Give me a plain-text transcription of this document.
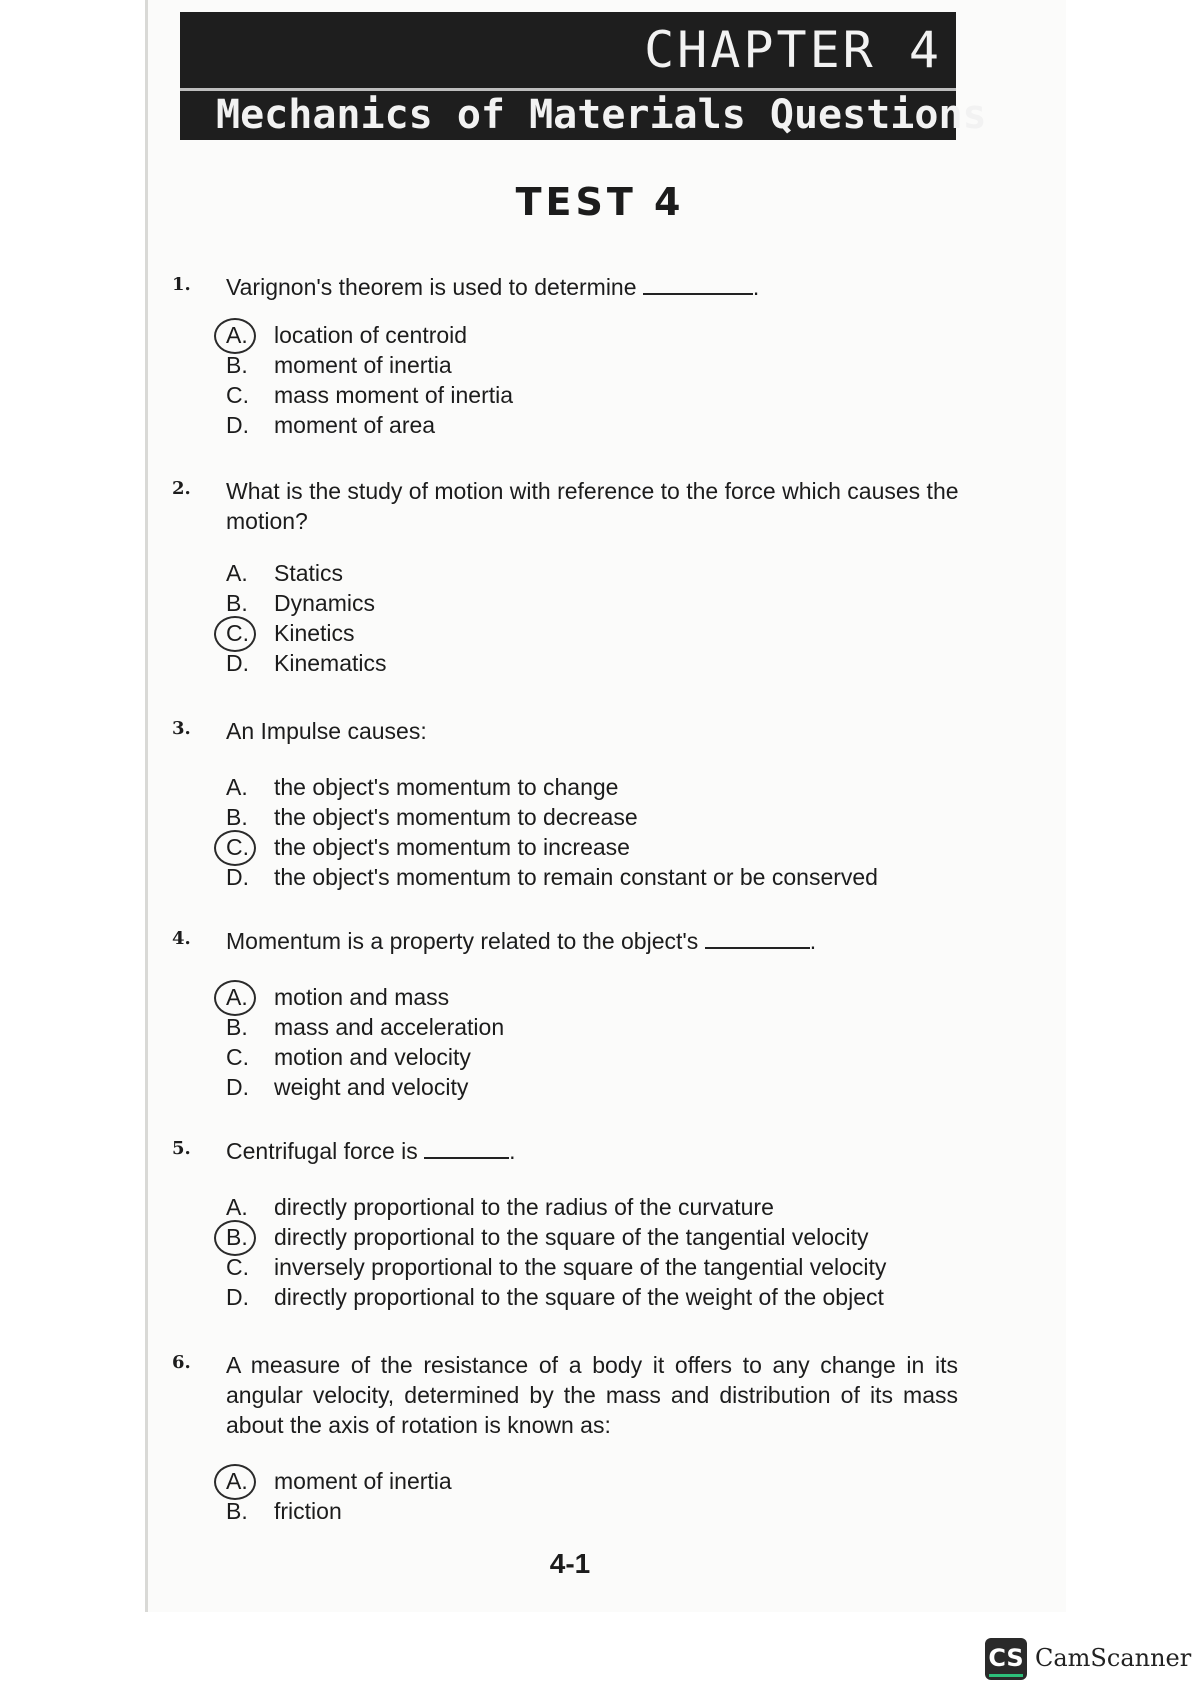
CHAPTER 4
Mechanics of Materials Questions
TEST 4
1. Varignon's theorem is used to determine	.
A.	location of centroid
B.	moment of inertia
C.	mass moment of inertia
D.	moment of area
2. What is the study of motion with reference to the force which causes the motion?
A.	Statics
B.	Dynamics
C.	Kinetics
D.	Kinematics
3. An Impulse causes:
A.	the object's momentum to change
B.	the object's momentum to decrease
C.	the object's momentum to increase
D.	the object's momentum to remain constant or be conserved
4. Momentum is a property related to the object's	.
A.	motion and mass
B.	mass and acceleration
C.	motion and velocity
D.	weight and velocity
5. Centrifugal force is	.
A.	directly proportional to the radius of the curvature
B.	directly proportional to the square of the tangential velocity
C.	inversely proportional to the square of the tangential velocity
D.	directly proportional to the square of the weight of the object
6. A measure of the resistance of a body it offers to any change in its angular velocity, determined by the mass and distribution of its mass about the axis of rotation is known as:
A.	moment of inertia
B.	friction
4-1
CS CamScanner
